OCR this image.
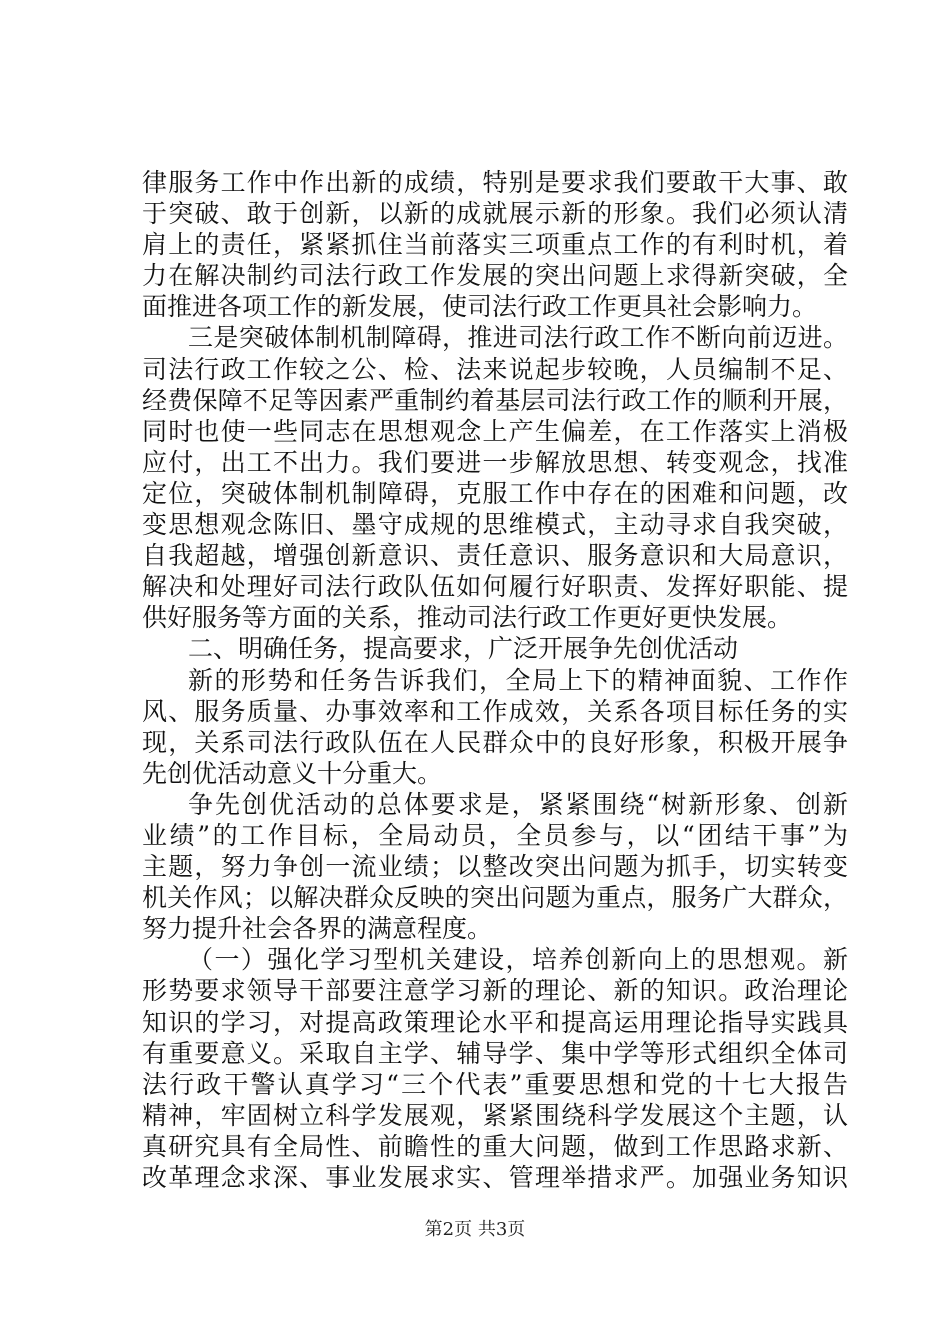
律服务工作中作出新的成绩，特别是要求我们要敢干大事、敢
于突破、敢于创新，以新的成就展示新的形象。我们必须认清
肩上的责任，紧紧抓住当前落实三项重点工作的有利时机，着
力在解决制约司法行政工作发展的突出问题上求得新突破，全
面推进各项工作的新发展，使司法行政工作更具社会影响力。
三是突破体制机制障碍，推进司法行政工作不断向前迈进。
司法行政工作较之公、检、法来说起步较晚，人员编制不足、
经费保障不足等因素严重制约着基层司法行政工作的顺利开展，
同时也使一些同志在思想观念上产生偏差，在工作落实上消极
应付，出工不出力。我们要进一步解放思想、转变观念，找准
定位，突破体制机制障碍，克服工作中存在的困难和问题，改
变思想观念陈旧、墨守成规的思维模式，主动寻求自我突破，
自我超越，增强创新意识、责任意识、服务意识和大局意识，
解决和处理好司法行政队伍如何履行好职责、发挥好职能、提
供好服务等方面的关系，推动司法行政工作更好更快发展。
二、明确任务，提高要求，广泛开展争先创优活动
新的形势和任务告诉我们，全局上下的精神面貌、工作作
风、服务质量、办事效率和工作成效，关系各项目标任务的实
现，关系司法行政队伍在人民群众中的良好形象，积极开展争
先创优活动意义十分重大。
争先创优活动的总体要求是，紧紧围绕“树新形象、创新
业绩”的工作目标，全局动员，全员参与，以“团结干事”为
主题，努力争创一流业绩；以整改突出问题为抓手，切实转变
机关作风；以解决群众反映的突出问题为重点，服务广大群众，
努力提升社会各界的满意程度。
（一）强化学习型机关建设，培养创新向上的思想观。新
形势要求领导干部要注意学习新的理论、新的知识。政治理论
知识的学习，对提高政策理论水平和提高运用理论指导实践具
有重要意义。采取自主学、辅导学、集中学等形式组织全体司
法行政干警认真学习“三个代表”重要思想和党的十七大报告
精神，牢固树立科学发展观，紧紧围绕科学发展这个主题，认
真研究具有全局性、前瞻性的重大问题，做到工作思路求新、
改革理念求深、事业发展求实、管理举措求严。加强业务知识
第2页 共3页
